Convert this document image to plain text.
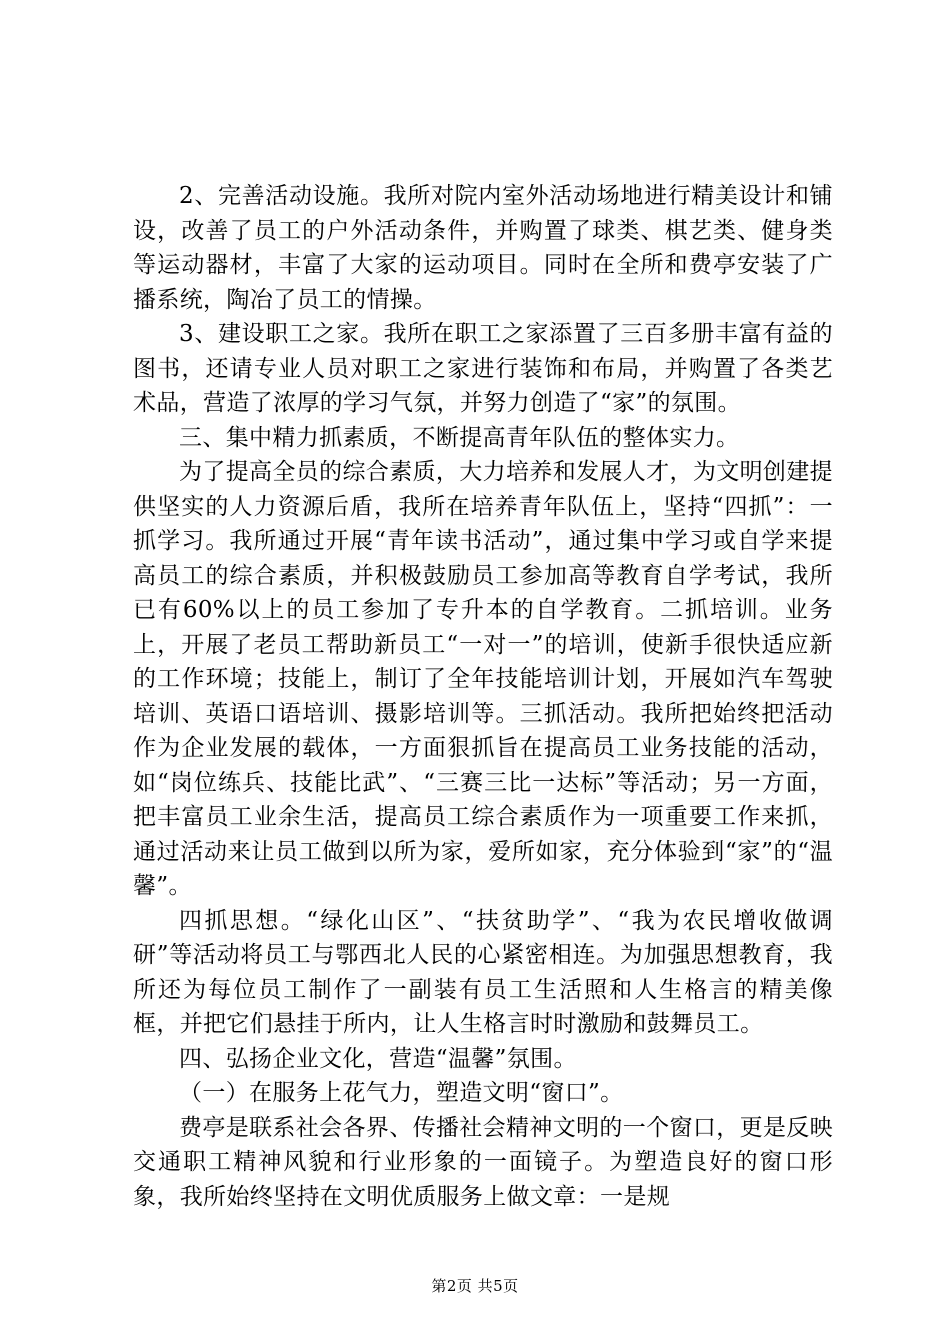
2、完善活动设施。我所对院内室外活动场地进行精美设计和铺设，改善了员工的户外活动条件，并购置了球类、棋艺类、健身类等运动器材，丰富了大家的运动项目。同时在全所和费亭安装了广播系统，陶冶了员工的情操。

3、建设职工之家。我所在职工之家添置了三百多册丰富有益的图书，还请专业人员对职工之家进行装饰和布局，并购置了各类艺术品，营造了浓厚的学习气氛，并努力创造了“家”的氛围。

三、集中精力抓素质，不断提高青年队伍的整体实力。

为了提高全员的综合素质，大力培养和发展人才，为文明创建提供坚实的人力资源后盾，我所在培养青年队伍上，坚持“四抓”：一抓学习。我所通过开展“青年读书活动”，通过集中学习或自学来提高员工的综合素质，并积极鼓励员工参加高等教育自学考试，我所已有60%以上的员工参加了专升本的自学教育。二抓培训。业务上，开展了老员工帮助新员工“一对一”的培训，使新手很快适应新的工作环境；技能上，制订了全年技能培训计划，开展如汽车驾驶培训、英语口语培训、摄影培训等。三抓活动。我所把始终把活动作为企业发展的载体，一方面狠抓旨在提高员工业务技能的活动，如“岗位练兵、技能比武”、“三赛三比一达标”等活动；另一方面，把丰富员工业余生活，提高员工综合素质作为一项重要工作来抓，通过活动来让员工做到以所为家，爱所如家，充分体验到“家”的“温馨”。

四抓思想。“绿化山区”、“扶贫助学”、“我为农民增收做调研”等活动将员工与鄂西北人民的心紧密相连。为加强思想教育，我所还为每位员工制作了一副装有员工生活照和人生格言的精美像框，并把它们悬挂于所内，让人生格言时时激励和鼓舞员工。

四、弘扬企业文化，营造“温馨”氛围。

（一）在服务上花气力，塑造文明“窗口”。

费亭是联系社会各界、传播社会精神文明的一个窗口，更是反映交通职工精神风貌和行业形象的一面镜子。为塑造良好的窗口形象，我所始终坚持在文明优质服务上做文章：一是规

第2页 共5页
